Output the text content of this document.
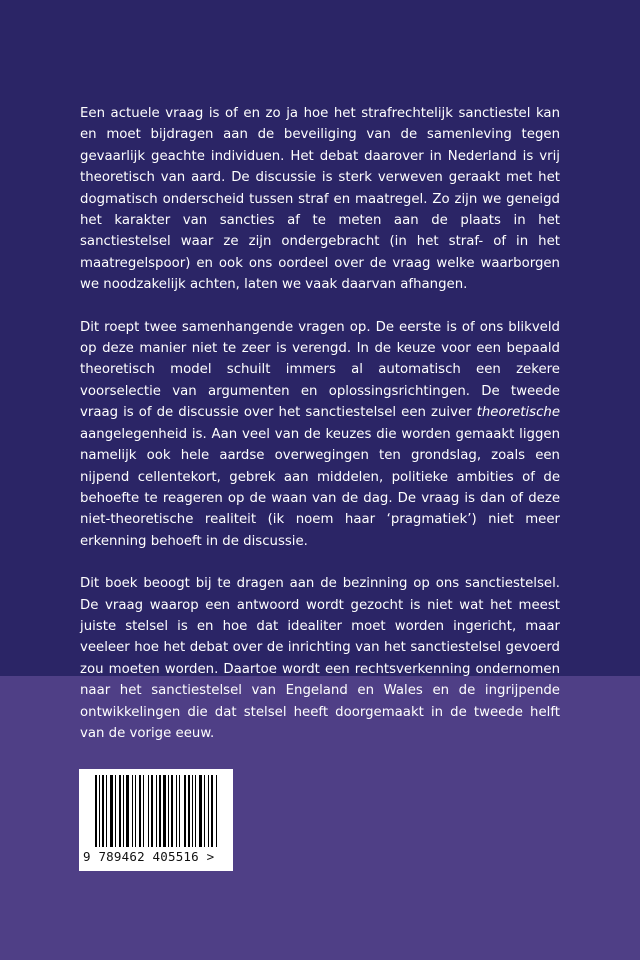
Een actuele vraag is of en zo ja hoe het strafrechtelijk sanctiestel kan en moet bijdragen aan de beveiliging van de samenleving tegen gevaarlijk geachte individuen. Het debat daarover in Nederland is vrij theoretisch van aard. De discussie is sterk verweven geraakt met het dogmatisch onderscheid tussen straf en maatregel. Zo zijn we geneigd het karakter van sancties af te meten aan de plaats in het sanctiestelsel waar ze zijn ondergebracht (in het straf- of in het maatregelspoor) en ook ons oordeel over de vraag welke waarborgen we noodzakelijk achten, laten we vaak daarvan afhangen.

Dit roept twee samenhangende vragen op. De eerste is of ons blikveld op deze manier niet te zeer is verengd. In de keuze voor een bepaald theoretisch model schuilt immers al automatisch een zekere voorselectie van argumenten en oplossingsrichtingen. De tweede vraag is of de discussie over het sanctiestelsel een zuiver theoretische aangelegenheid is. Aan veel van de keuzes die worden gemaakt liggen namelijk ook hele aardse overwegingen ten grondslag, zoals een nijpend cellentekort, gebrek aan middelen, politieke ambities of de behoefte te reageren op de waan van de dag. De vraag is dan of deze niet-theoretische realiteit (ik noem haar ‘pragmatiek’) niet meer erkenning behoeft in de discussie.

Dit boek beoogt bij te dragen aan de bezinning op ons sanctiestelsel. De vraag waarop een antwoord wordt gezocht is niet wat het meest juiste stelsel is en hoe dat idealiter moet worden ingericht, maar veeleer hoe het debat over de inrichting van het sanctiestelsel gevoerd zou moeten worden. Daartoe wordt een rechtsverkenning ondernomen naar het sanctiestelsel van Engeland en Wales en de ingrijpende ontwikkelingen die dat stelsel heeft doorgemaakt in de tweede helft van de vorige eeuw.

9 789462 405516 >
